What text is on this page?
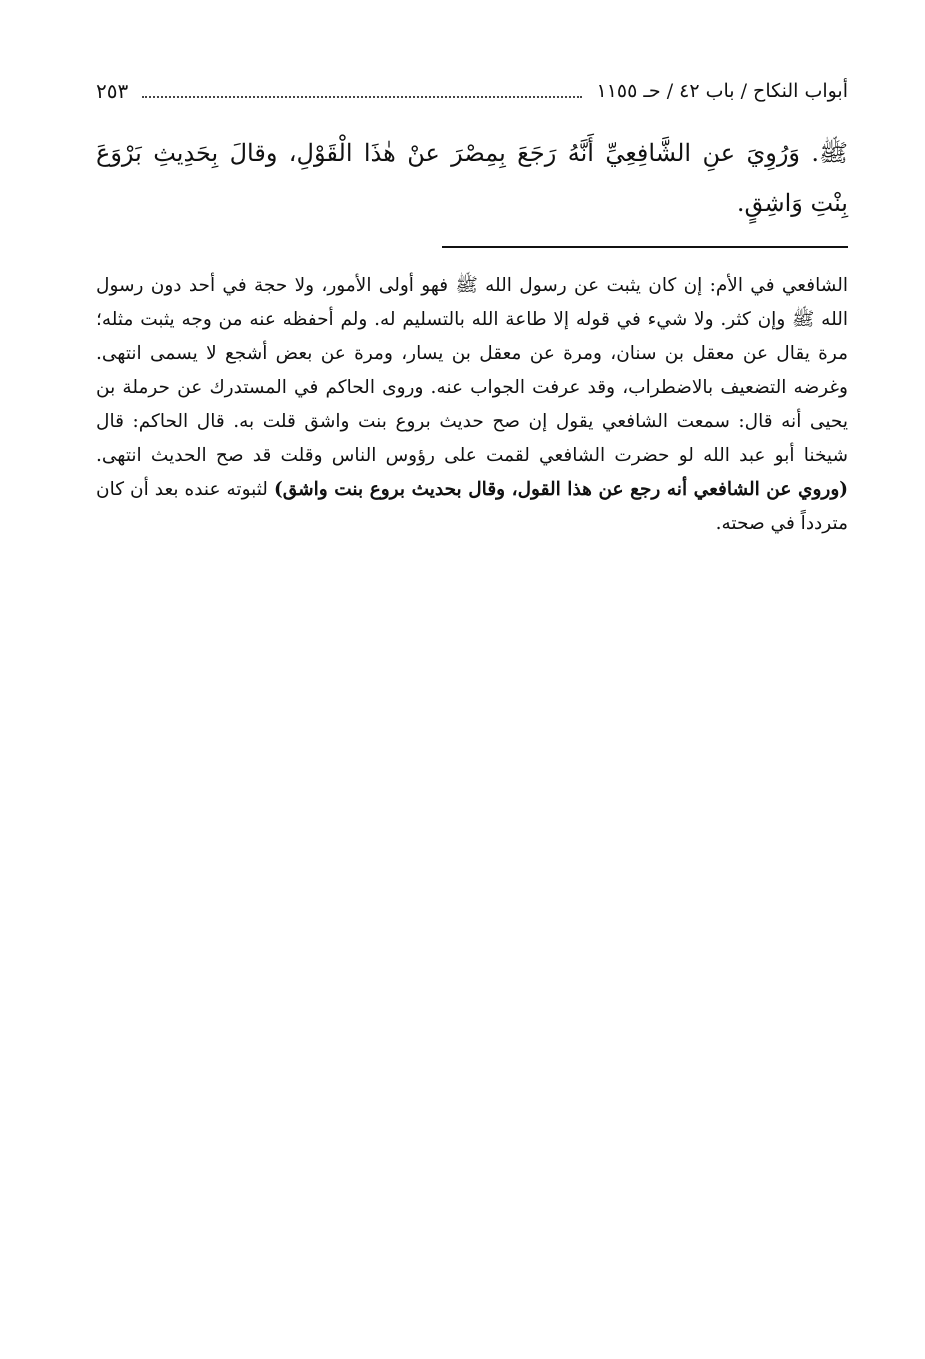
أبواب النكاح / باب ٤٢ / حـ ١١٥٥
٢٥٣
ﷺ. وَرُوِيَ عنِ الشَّافِعِيِّ أَنَّهُ رَجَعَ بِمِصْرَ عنْ هٰذَا الْقَوْلِ، وقالَ بِحَدِيثِ بَرْوَعَ بِنْتِ وَاشِقٍ.

الشافعي في الأم: إن كان يثبت عن رسول الله ﷺ فهو أولى الأمور، ولا حجة في أحد دون رسول الله ﷺ وإن كثر. ولا شيء في قوله إلا طاعة الله بالتسليم له. ولم أحفظه عنه من وجه يثبت مثله؛ مرة يقال عن معقل بن سنان، ومرة عن معقل بن يسار، ومرة عن بعض أشجع لا يسمى انتهى. وغرضه التضعيف بالاضطراب، وقد عرفت الجواب عنه. وروى الحاكم في المستدرك عن حرملة بن يحيى أنه قال: سمعت الشافعي يقول إن صح حديث بروع بنت واشق قلت به. قال الحاكم: قال شيخنا أبو عبد الله لو حضرت الشافعي لقمت على رؤوس الناس وقلت قد صح الحديث انتهى. (وروي عن الشافعي أنه رجع عن هذا القول، وقال بحديث بروع بنت واشق) لثبوته عنده بعد أن كان متردداً في صحته.
